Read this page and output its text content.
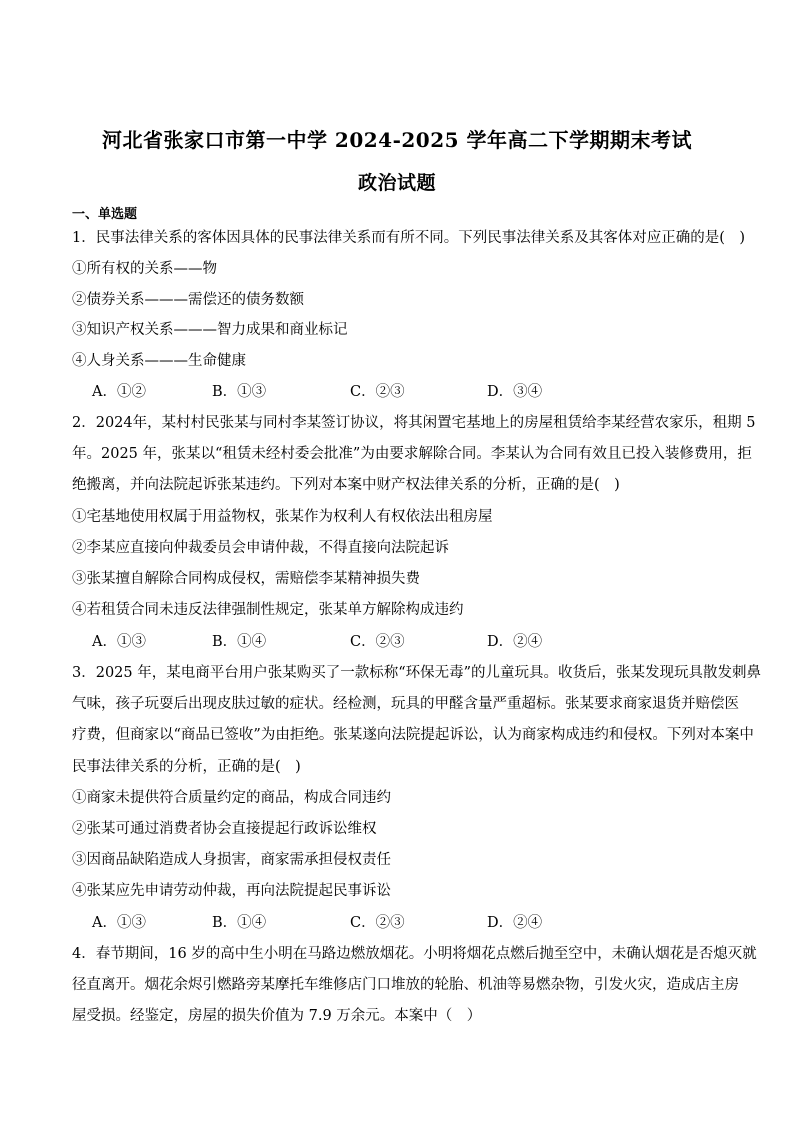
河北省张家口市第一中学 2024-2025 学年高二下学期期末考试
政治试题
一、单选题
1．民事法律关系的客体因具体的民事法律关系而有所不同。下列民事法律关系及其客体对应正确的是(　)
①所有权的关系——物
②债券关系———需偿还的债务数额
③知识产权关系———智力成果和商业标记
④人身关系———生命健康
A．①②	B．①③	C．②③	D．③④
2．2024年，某村村民张某与同村李某签订协议，将其闲置宅基地上的房屋租赁给李某经营农家乐，租期 5
年。2025 年，张某以“租赁未经村委会批准”为由要求解除合同。李某认为合同有效且已投入装修费用，拒
绝搬离，并向法院起诉张某违约。下列对本案中财产权法律关系的分析，正确的是(　)
①宅基地使用权属于用益物权，张某作为权利人有权依法出租房屋
②李某应直接向仲裁委员会申请仲裁，不得直接向法院起诉
③张某擅自解除合同构成侵权，需赔偿李某精神损失费
④若租赁合同未违反法律强制性规定，张某单方解除构成违约
A．①③	B．①④	C．②③	D．②④
3．2025 年，某电商平台用户张某购买了一款标称“环保无毒”的儿童玩具。收货后，张某发现玩具散发刺鼻
气味，孩子玩耍后出现皮肤过敏的症状。经检测，玩具的甲醛含量严重超标。张某要求商家退货并赔偿医
疗费，但商家以“商品已签收”为由拒绝。张某遂向法院提起诉讼，认为商家构成违约和侵权。下列对本案中
民事法律关系的分析，正确的是(　)
①商家未提供符合质量约定的商品，构成合同违约
②张某可通过消费者协会直接提起行政诉讼维权
③因商品缺陷造成人身损害，商家需承担侵权责任
④张某应先申请劳动仲裁，再向法院提起民事诉讼
A．①③	B．①④	C．②③	D．②④
4．春节期间，16 岁的高中生小明在马路边燃放烟花。小明将烟花点燃后抛至空中，未确认烟花是否熄灭就
径直离开。烟花余烬引燃路旁某摩托车维修店门口堆放的轮胎、机油等易燃杂物，引发火灾，造成店主房
屋受损。经鉴定，房屋的损失价值为 7.9 万余元。本案中（　）
